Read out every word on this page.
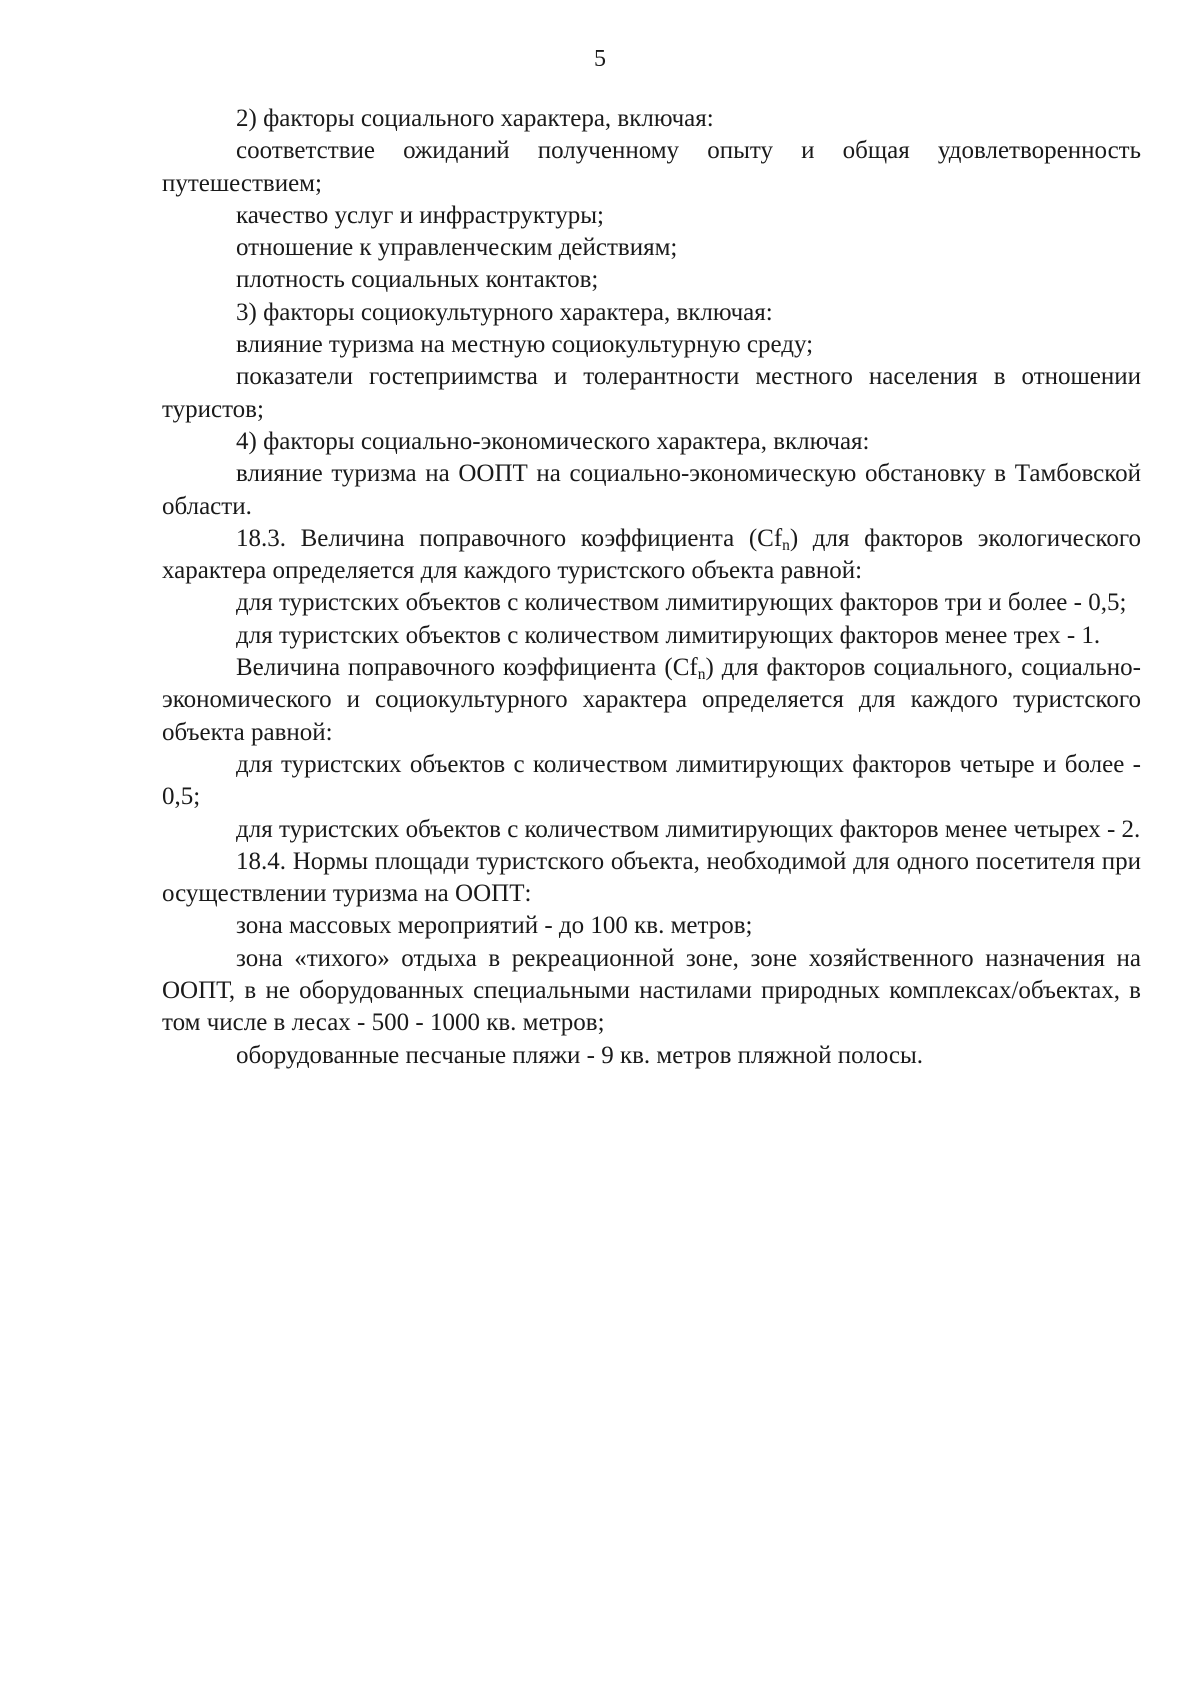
5

2) факторы социального характера, включая:

соответствие ожиданий полученному опыту и общая удовлетворенность путешествием;

качество услуг и инфраструктуры;

отношение к управленческим действиям;

плотность социальных контактов;

3) факторы социокультурного характера, включая:

влияние туризма на местную социокультурную среду;

показатели гостеприимства и толерантности местного населения в отношении туристов;

4) факторы социально-экономического характера, включая:

влияние туризма на ООПТ на социально-экономическую обстановку в Тамбовской области.

18.3. Величина поправочного коэффициента $(Cf_n)$ для факторов экологического характера определяется для каждого туристского объекта равной:

для туристских объектов с количеством лимитирующих факторов три и более - 0,5;

для туристских объектов с количеством лимитирующих факторов менее трех - 1.

Величина поправочного коэффициента $(Cf_n)$ для факторов социального, социально-экономического и социокультурного характера определяется для каждого туристского объекта равной:

для туристских объектов с количеством лимитирующих факторов четыре и более - 0,5;

для туристских объектов с количеством лимитирующих факторов менее четырех - 2.

18.4. Нормы площади туристского объекта, необходимой для одного посетителя при осуществлении туризма на ООПТ:

зона массовых мероприятий - до 100 кв. метров;

зона «тихого» отдыха в рекреационной зоне, зоне хозяйственного назначения на ООПТ, в не оборудованных специальными настилами природных комплексах/объектах, в том числе в лесах - 500 - 1000 кв. метров;

оборудованные песчаные пляжи - 9 кв. метров пляжной полосы.
